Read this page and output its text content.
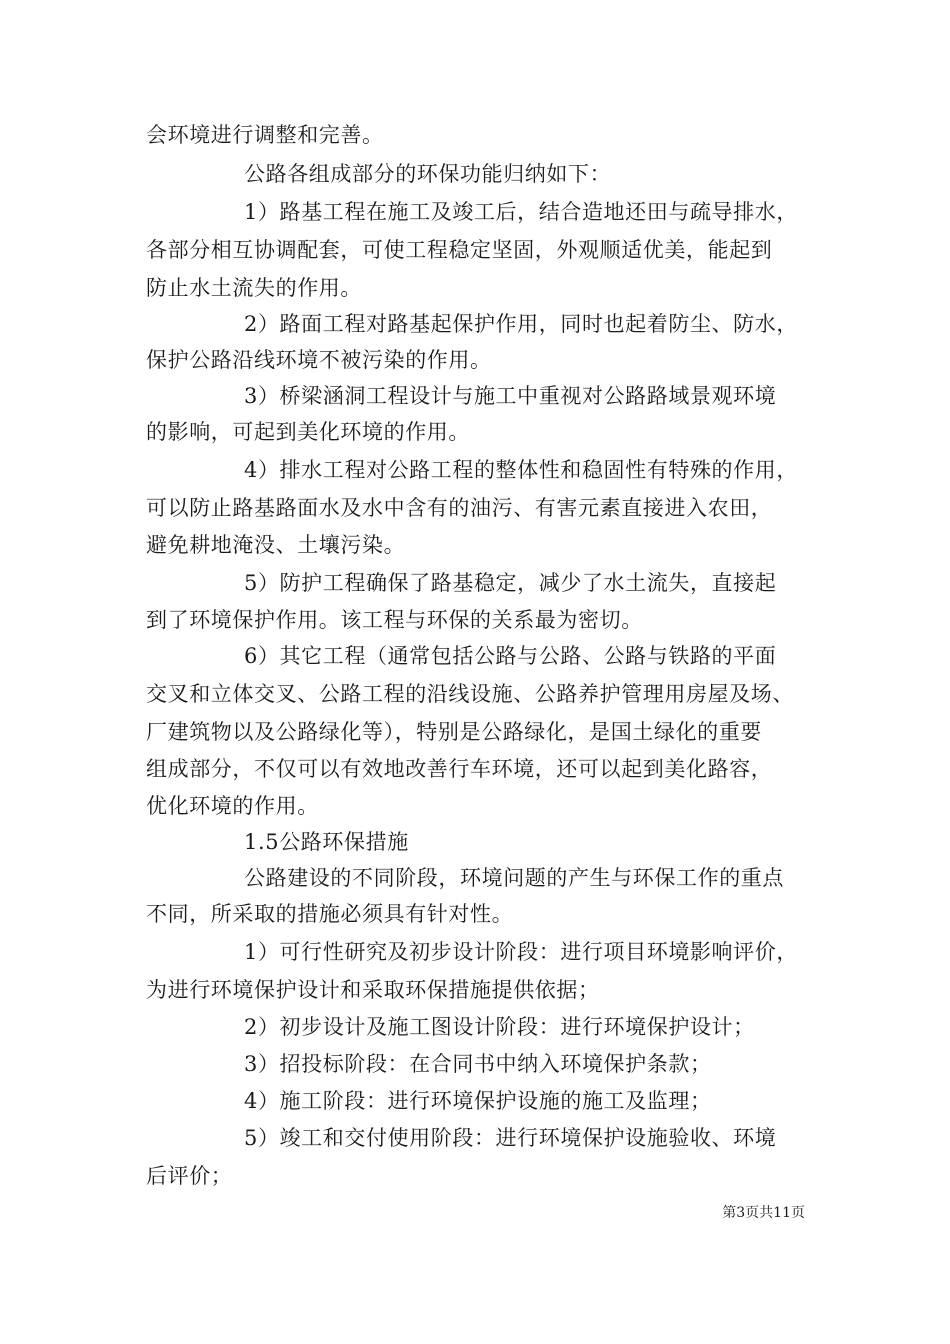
会环境进行调整和完善。
公路各组成部分的环保功能归纳如下：
1）路基工程在施工及竣工后，结合造地还田与疏导排水，
各部分相互协调配套，可使工程稳定坚固，外观顺适优美，能起到
防止水土流失的作用。
2）路面工程对路基起保护作用，同时也起着防尘、防水，
保护公路沿线环境不被污染的作用。
3）桥梁涵洞工程设计与施工中重视对公路路域景观环境
的影响，可起到美化环境的作用。
4）排水工程对公路工程的整体性和稳固性有特殊的作用，
可以防止路基路面水及水中含有的油污、有害元素直接进入农田，
避免耕地淹没、土壤污染。
5）防护工程确保了路基稳定，减少了水土流失，直接起
到了环境保护作用。该工程与环保的关系最为密切。
6）其它工程（通常包括公路与公路、公路与铁路的平面
交叉和立体交叉、公路工程的沿线设施、公路养护管理用房屋及场、
厂建筑物以及公路绿化等），特别是公路绿化，是国土绿化的重要
组成部分，不仅可以有效地改善行车环境，还可以起到美化路容，
优化环境的作用。
1.5公路环保措施
公路建设的不同阶段，环境问题的产生与环保工作的重点
不同，所采取的措施必须具有针对性。
1）可行性研究及初步设计阶段：进行项目环境影响评价，
为进行环境保护设计和采取环保措施提供依据；
2）初步设计及施工图设计阶段：进行环境保护设计；
3）招投标阶段：在合同书中纳入环境保护条款；
4）施工阶段：进行环境保护设施的施工及监理；
5）竣工和交付使用阶段：进行环境保护设施验收、环境
后评价；
第3页共11页
